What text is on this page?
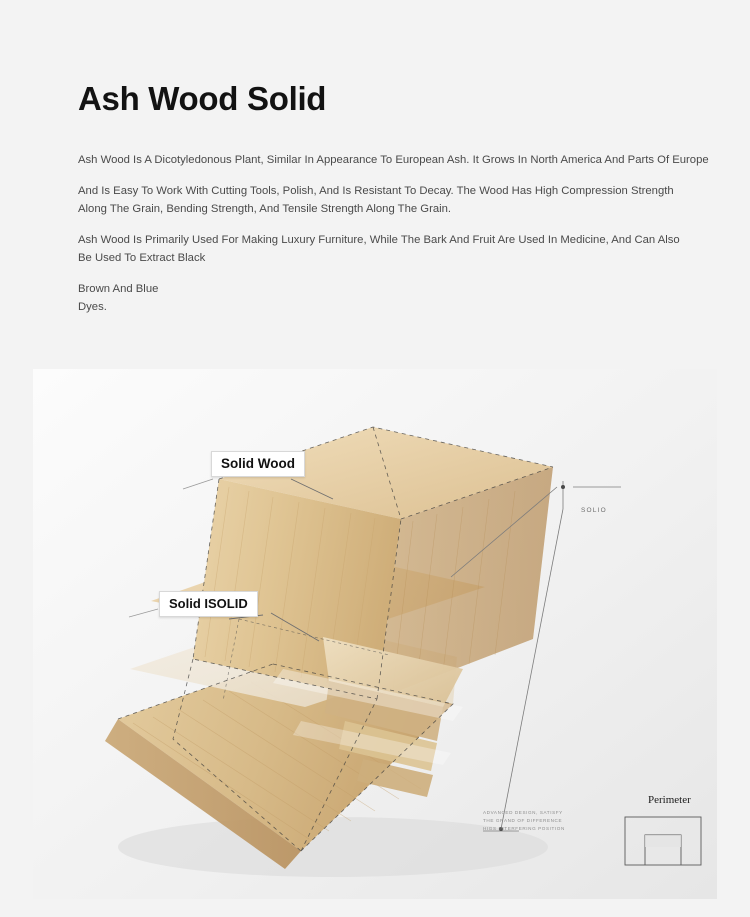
Ash Wood Solid

Ash Wood Is A Dicotyledonous Plant, Similar In Appearance To European Ash. It Grows In North America And Parts Of Europe

And Is Easy To Work With Cutting Tools, Polish, And Is Resistant To Decay. The Wood Has High Compression Strength Along The Grain, Bending Strength, And Tensile Strength Along The Grain.

Ash Wood Is Primarily Used For Making Luxury Furniture, While The Bark And Fruit Are Used In Medicine, And Can Also Be Used To Extract Black

Brown And Blue
Dyes.

Solid Wood
Solid ISOLID
SOLIO
ADVANCED DESIGN, SATISFY THE GRAND OF DIFFERENCE HIGS INTERFERING POSITION
Perimeter
